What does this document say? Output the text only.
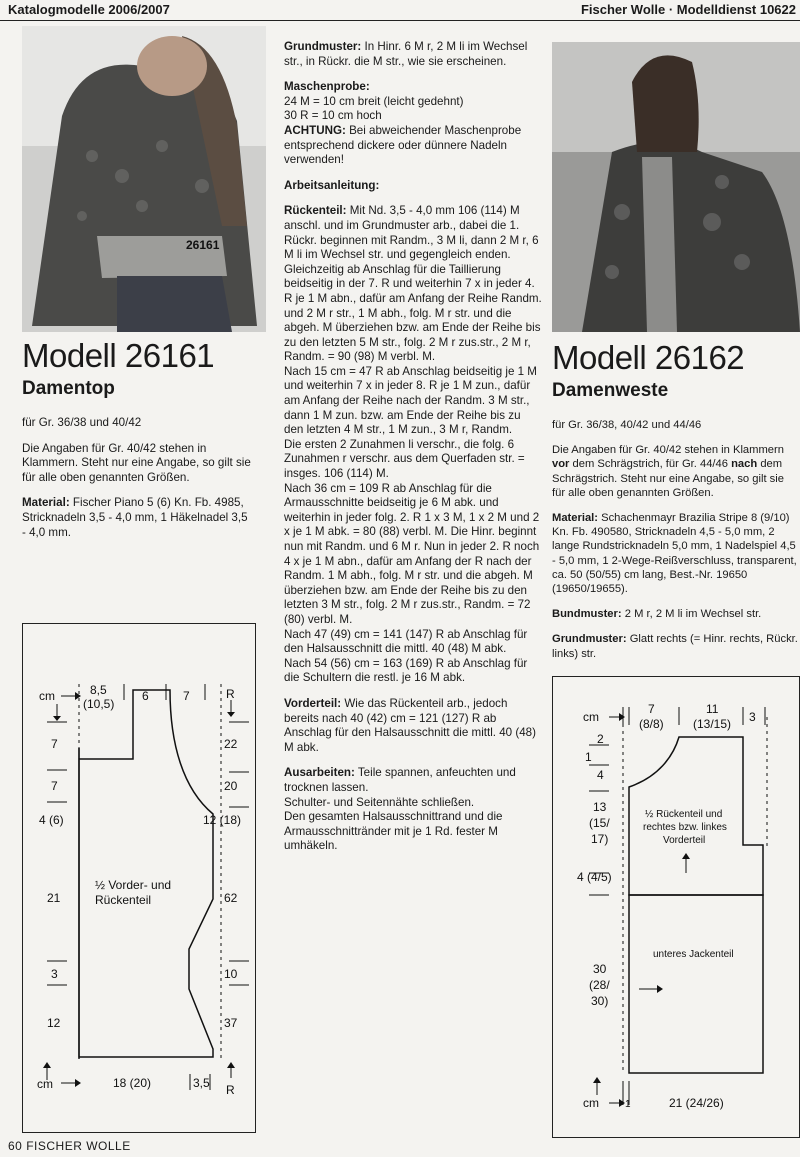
Katalogmodelle 2006/2007	Fischer Wolle · Modelldienst 10622
26161
Modell 26161
Damentop

für Gr. 36/38 und 40/42

Die Angaben für Gr. 40/42 stehen in Klammern. Steht nur eine Angabe, so gilt sie für alle oben genannten Größen.

Material: Fischer Piano 5 (6) Kn. Fb. 4985, Stricknadeln 3,5 - 4,0 mm, 1 Häkelnadel 3,5 - 4,0 mm.

cm	8,5
(10,5)
6	7	R
7
7
4 (6)
21
3
12
22
20
12 (18)
62
10
37
½ Vorder- und
Rückenteil
cm	18 (20)	3,5 R

Grundmuster: In Hinr. 6 M r, 2 M li im Wechsel str., in Rückr. die M str., wie sie erscheinen.

Maschenprobe:
24 M = 10 cm breit (leicht gedehnt)
30 R = 10 cm hoch
ACHTUNG: Bei abweichender Maschenprobe entsprechend dickere oder dünnere Nadeln verwenden!

Arbeitsanleitung:

Rückenteil: Mit Nd. 3,5 - 4,0 mm 106 (114) M anschl. und im Grundmuster arb., dabei die 1. Rückr. beginnen mit Randm., 3 M li, dann 2 M r, 6 M li im Wechsel str. und gegengleich enden.
Gleichzeitig ab Anschlag für die Taillierung beidseitig in der 7. R und weiterhin 7 x in jeder 4. R je 1 M abn., dafür am Anfang der Reihe Randm. und 2 M r str., 1 M abh., folg. M r str. und die abgeh. M überziehen bzw. am Ende der Reihe bis zu den letzten 5 M str., folg. 2 M r zus.str., 2 M r, Randm. = 90 (98) M verbl. M.
Nach 15 cm = 47 R ab Anschlag beidseitig je 1 M und weiterhin 7 x in jeder 8. R je 1 M zun., dafür am Anfang der Reihe nach der Randm. 3 M str., dann 1 M zun. bzw. am Ende der Reihe bis zu den letzten 4 M str., 1 M zun., 3 M r, Randm.
Die ersten 2 Zunahmen li verschr., die folg. 6 Zunahmen r verschr. aus dem Querfaden str. = insges. 106 (114) M.
Nach 36 cm = 109 R ab Anschlag für die Armausschnitte beidseitig je 6 M abk. und weiterhin in jeder folg. 2. R 1 x 3 M, 1 x 2 M und 2 x je 1 M abk. = 80 (88) verbl. M. Die Hinr. beginnt nun mit Randm. und 6 M r. Nun in jeder 2. R noch 4 x je 1 M abn., dafür am Anfang der R nach der Randm. 1 M abh., folg. M r str. und die abgeh. M überziehen bzw. am Ende der Reihe bis zu den letzten 3 M str., folg. 2 M r zus.str., Randm. = 72 (80) verbl. M.
Nach 47 (49) cm = 141 (147) R ab Anschlag für den Halsausschnitt die mittl. 40 (48) M abk.
Nach 54 (56) cm = 163 (169) R ab Anschlag für die Schultern die restl. je 16 M abk.

Vorderteil: Wie das Rückenteil arb., jedoch bereits nach 40 (42) cm = 121 (127) R ab Anschlag für den Halsausschnitt die mittl. 40 (48) M abk.

Ausarbeiten: Teile spannen, anfeuchten und trocknen lassen.
Schulter- und Seitennähte schließen.
Den gesamten Halsausschnittrand und die Armausschnittränder mit je 1 Rd. fester M umhäkeln.
Modell 26162
Damenweste

für Gr. 36/38, 40/42 und 44/46

Die Angaben für Gr. 40/42 stehen in Klammern vor dem Schrägstrich, für Gr. 44/46 nach dem Schrägstrich. Steht nur eine Angabe, so gilt sie für alle oben genannten Größen.

Material: Schachenmayr Brazilia Stripe 8 (9/10) Kn. Fb. 490580, Stricknadeln 4,5 - 5,0 mm, 2 lange Rundstricknadeln 5,0 mm, 1 Nadelspiel 4,5 - 5,0 mm, 1 2-Wege-Reißverschluss, transparent, ca. 50 (50/55) cm lang, Best.-Nr. 19650 (19650/19655).

Bundmuster: 2 M r, 2 M li im Wechsel str.

Grundmuster: Glatt rechts (= Hinr. rechts, Rückr. links) str.

cm
7
(8/8)
11
(13/15) 3
2
1
4
13
(15/
17)
4 (4/5)
30
(28/
30)
½ Rückenteil und
rechtes bzw. linkes
Vorderteil
unteres Jackenteil
cm	1	21 (24/26)
60 FISCHER WOLLE
